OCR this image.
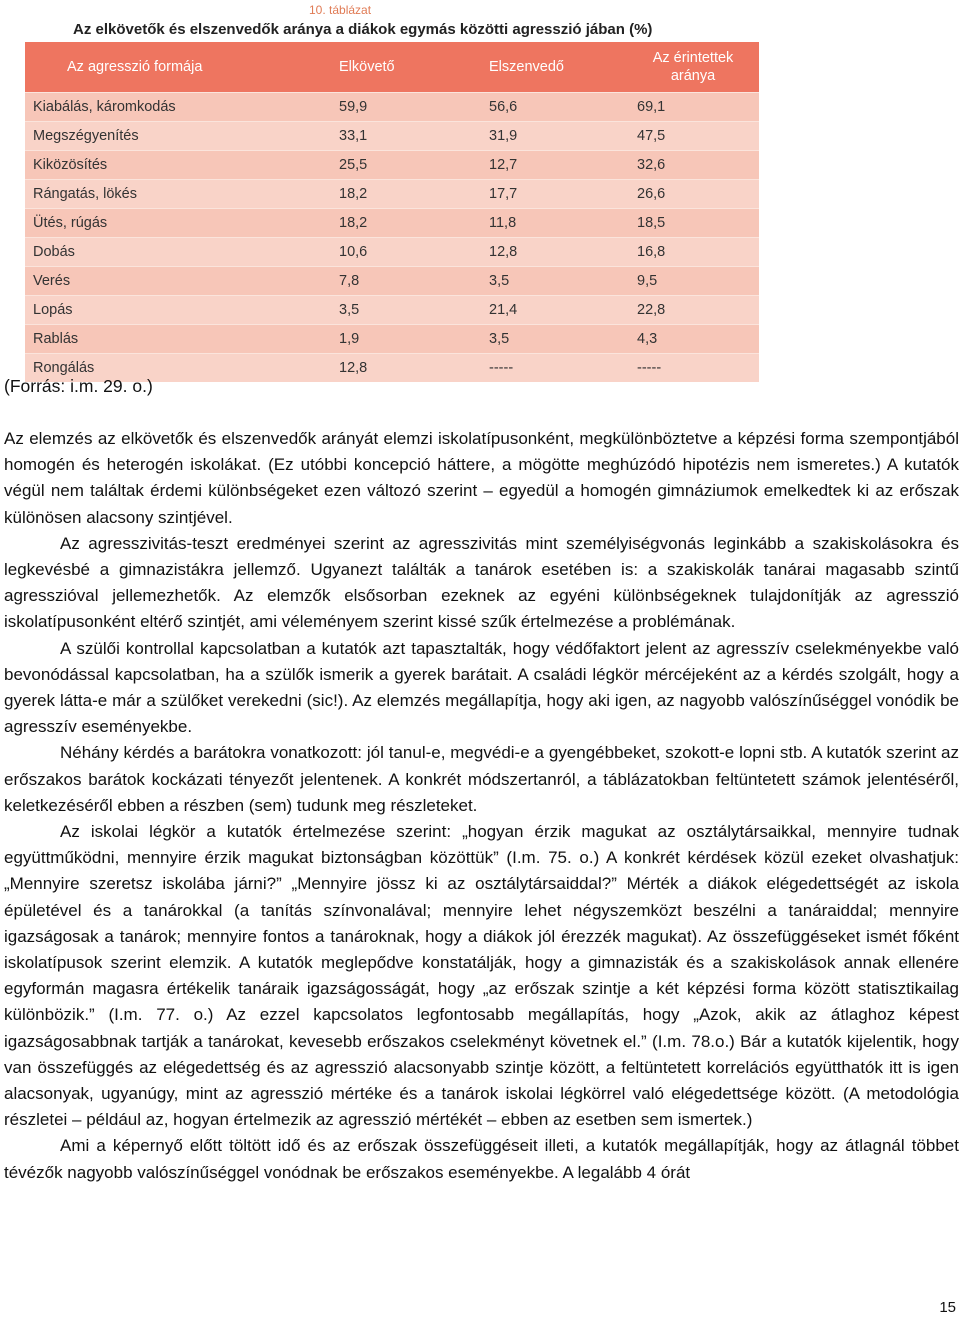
10. táblázat
Az elkövetők és elszenvedők aránya a diákok egymás közötti agresszió jában (%)
Az agresszió formája	Elkövető	Elszenvedő	Az érintettek aránya
Kiabálás, káromkodás	59,9	56,6	69,1
Megszégyenítés	33,1	31,9	47,5
Kiközösítés	25,5	12,7	32,6
Rángatás, lökés	18,2	17,7	26,6
Ütés, rúgás	18,2	11,8	18,5
Dobás	10,6	12,8	16,8
Verés	7,8	3,5	9,5
Lopás	3,5	21,4	22,8
Rablás	1,9	3,5	4,3
Rongálás	12,8	-----	-----
(Forrás: i.m. 29. o.)

Az elemzés az elkövetők és elszenvedők arányát elemzi iskolatípusonként, megkülönböztetve a képzési forma szempontjából homogén és heterogén iskolákat. (Ez utóbbi koncepció háttere, a mögötte meghúzódó hipotézis nem ismeretes.) A kutatók végül nem találtak érdemi különbségeket ezen változó szerint – egyedül a homogén gimnáziumok emelkedtek ki az erőszak különösen alacsony szintjével.

Az agresszivitás-teszt eredményei szerint az agresszivitás mint személyiségvonás leginkább a szakiskolásokra és legkevésbé a gimnazistákra jellemző. Ugyanezt találták a tanárok esetében is: a szakiskolák tanárai magasabb szintű agresszióval jellemezhetők. Az elemzők elsősorban ezeknek az egyéni különbségeknek tulajdonítják az agresszió iskolatípusonként eltérő szintjét, ami véleményem szerint kissé szűk értelmezése a problémának.

A szülői kontrollal kapcsolatban a kutatók azt tapasztalták, hogy védőfaktort jelent az agresszív cselekményekbe való bevonódással kapcsolatban, ha a szülők ismerik a gyerek barátait. A családi légkör mércéjeként az a kérdés szolgált, hogy a gyerek látta-e már a szülőket verekedni (sic!). Az elemzés megállapítja, hogy aki igen, az nagyobb valószínűséggel vonódik be agresszív eseményekbe.

Néhány kérdés a barátokra vonatkozott: jól tanul-e, megvédi-e a gyengébbeket, szokott-e lopni stb. A kutatók szerint az erőszakos barátok kockázati tényezőt jelentenek. A konkrét módszertanról, a táblázatokban feltüntetett számok jelentéséről, keletkezéséről ebben a részben (sem) tudunk meg részleteket.

Az iskolai légkör a kutatók értelmezése szerint: „hogyan érzik magukat az osztálytársaikkal, mennyire tudnak együttműködni, mennyire érzik magukat biztonságban közöttük” (I.m. 75. o.) A konkrét kérdések közül ezeket olvashatjuk: „Mennyire szeretsz iskolába járni?” „Mennyire jössz ki az osztálytársaiddal?” Mérték a diákok elégedettségét az iskola épületével és a tanárokkal (a tanítás színvonalával; mennyire lehet négyszemközt beszélni a tanáraiddal; mennyire igazságosak a tanárok; mennyire fontos a tanároknak, hogy a diákok jól érezzék magukat). Az összefüggéseket ismét főként iskolatípusok szerint elemzik. A kutatók meglepődve konstatálják, hogy a gimnazisták és a szakiskolások annak ellenére egyformán magasra értékelik tanáraik igazságosságát, hogy „az erőszak szintje a két képzési forma között statisztikailag különbözik.” (I.m. 77. o.) Az ezzel kapcsolatos legfontosabb megállapítás, hogy „Azok, akik az átlaghoz képest igazságosabbnak tartják a tanárokat, kevesebb erőszakos cselekményt követnek el.” (I.m. 78.o.) Bár a kutatók kijelentik, hogy van összefüggés az elégedettség és az agresszió alacsonyabb szintje között, a feltüntetett korrelációs együtthatók itt is igen alacsonyak, ugyanúgy, mint az agresszió mértéke és a tanárok iskolai légkörrel való elégedettsége között. (A metodológia részletei – például az, hogyan értelmezik az agresszió mértékét – ebben az esetben sem ismertek.)

Ami a képernyő előtt töltött idő és az erőszak összefüggéseit illeti, a kutatók megállapítják, hogy az átlagnál többet tévézők nagyobb valószínűséggel vonódnak be erőszakos eseményekbe. A legalább 4 órát

15
